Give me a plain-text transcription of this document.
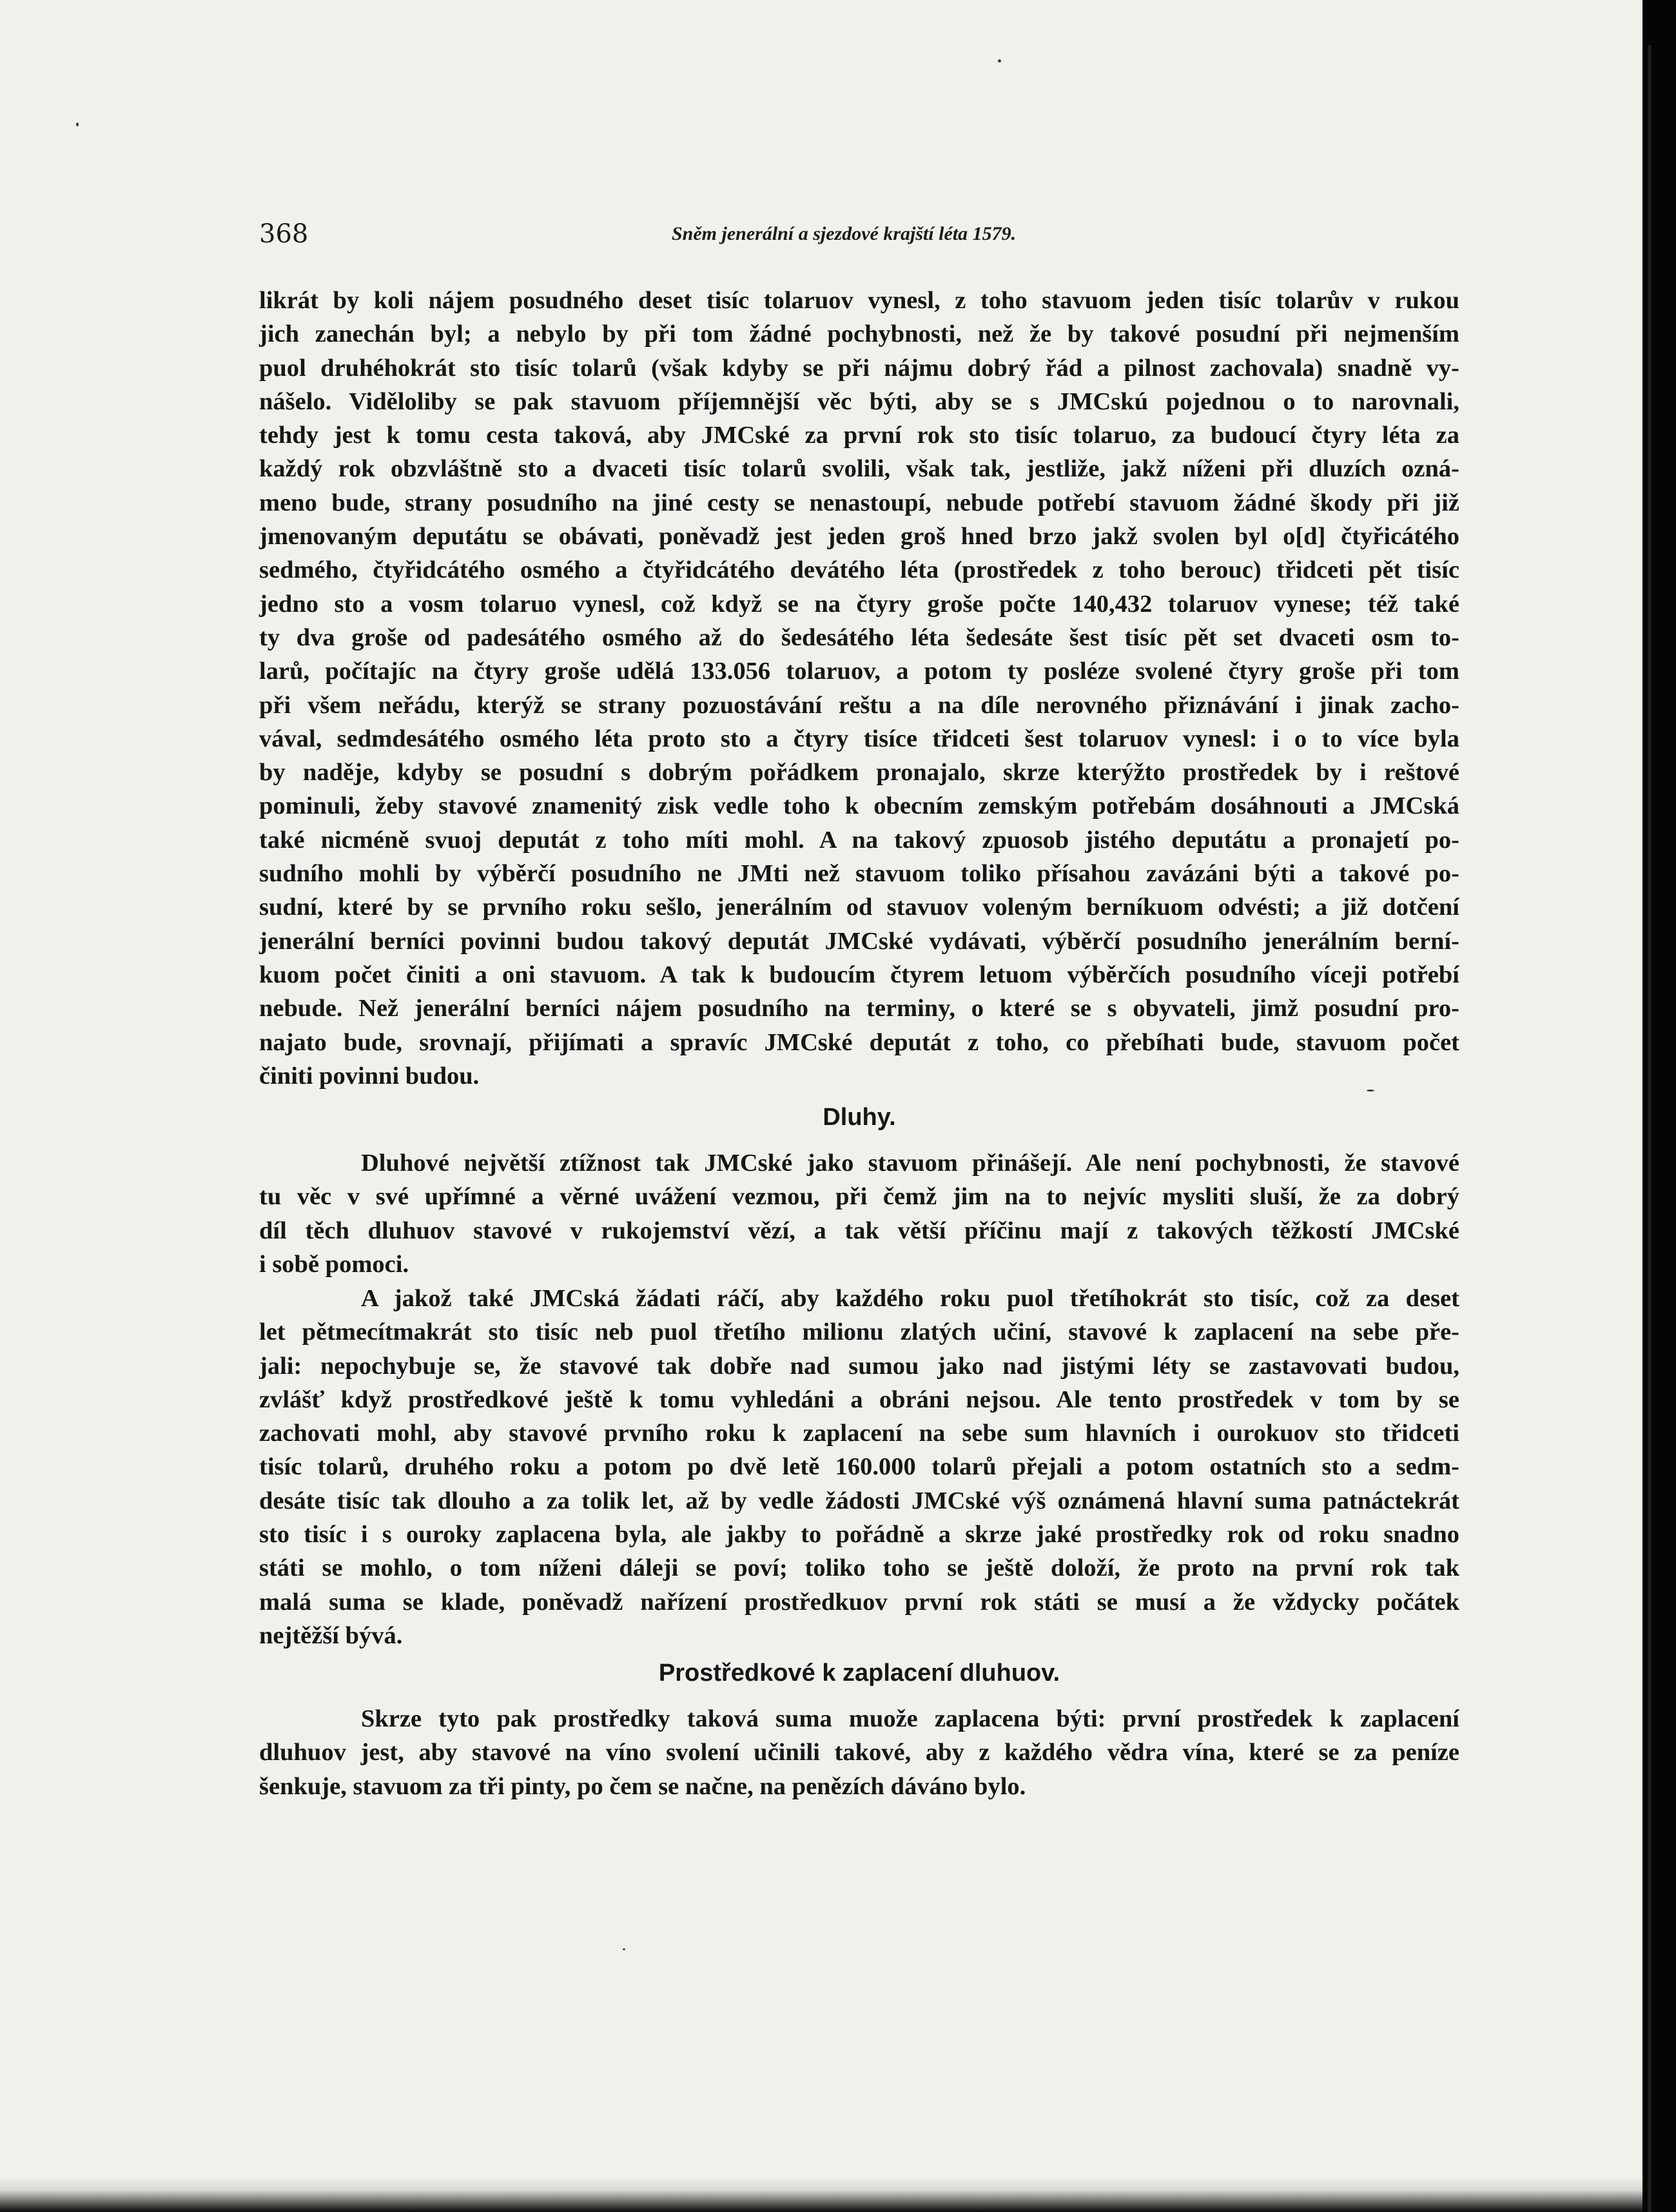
368	Sněm jenerální a sjezdové krajští léta 1579.
likrát by koli nájem posudného deset tisíc tolaruov vynesl, z toho stavuom jeden tisíc tolarův v rukou
jich zanechán byl; a nebylo by při tom žádné pochybnosti, než že by takové posudní při nejmenším
puol druhéhokrát sto tisíc tolarů (však kdyby se při nájmu dobrý řád a pilnost zachovala) snadně vy-
nášelo. Viděloliby se pak stavuom příjemnější věc býti, aby se s JMCskú pojednou o to narovnali,
tehdy jest k tomu cesta taková, aby JMCské za první rok sto tisíc tolaruo, za budoucí čtyry léta za
každý rok obzvláštně sto a dvaceti tisíc tolarů svolili, však tak, jestliže, jakž níženi při dluzích ozná-
meno bude, strany posudního na jiné cesty se nenastoupí, nebude potřebí stavuom žádné škody při již
jmenovaným deputátu se obávati, poněvadž jest jeden groš hned brzo jakž svolen byl o[d] čtyřicátého
sedmého, čtyřidcátého osmého a čtyřidcátého devátého léta (prostředek z toho berouc) třidceti pět tisíc
jedno sto a vosm tolaruo vynesl, což když se na čtyry groše počte 140,432 tolaruov vynese; též také
ty dva groše od padesátého osmého až do šedesátého léta šedesáte šest tisíc pět set dvaceti osm to-
larů, počítajíc na čtyry groše udělá 133.056 tolaruov, a potom ty posléze svolené čtyry groše při tom
při všem neřádu, kterýž se strany pozuostávání reštu a na díle nerovného přiznávání i jinak zacho-
vával, sedmdesátého osmého léta proto sto a čtyry tisíce třidceti šest tolaruov vynesl: i o to více byla
by naděje, kdyby se posudní s dobrým pořádkem pronajalo, skrze kterýžto prostředek by i reštové
pominuli, žeby stavové znamenitý zisk vedle toho k obecním zemským potřebám dosáhnouti a JMCská
také nicméně svuoj deputát z toho míti mohl. A na takový zpuosob jistého deputátu a pronajetí po-
sudního mohli by výběrčí posudního ne JMti než stavuom toliko přísahou zavázáni býti a takové po-
sudní, které by se prvního roku sešlo, jenerálním od stavuov voleným berníkuom odvésti; a již dotčení
jenerální berníci povinni budou takový deputát JMCské vydávati, výběrčí posudního jenerálním berní-
kuom počet činiti a oni stavuom. A tak k budoucím čtyrem letuom výběrčích posudního víceji potřebí
nebude. Než jenerální berníci nájem posudního na terminy, o které se s obyvateli, jimž posudní pro-
najato bude, srovnají, přijímati a spravíc JMCské deputát z toho, co přebíhati bude, stavuom počet
činiti povinni budou.
Dluhy.
Dluhové největší ztížnost tak JMCské jako stavuom přinášejí. Ale není pochybnosti, že stavové
tu věc v své upřímné a věrné uvážení vezmou, při čemž jim na to nejvíc mysliti sluší, že za dobrý
díl těch dluhuov stavové v rukojemství vězí, a tak větší příčinu mají z takových těžkostí JMCské
i sobě pomoci.
A jakož také JMCská žádati ráčí, aby každého roku puol třetíhokrát sto tisíc, což za deset
let pětmecítmakrát sto tisíc neb puol třetího milionu zlatých učiní, stavové k zaplacení na sebe pře-
jali: nepochybuje se, že stavové tak dobře nad sumou jako nad jistými léty se zastavovati budou,
zvlášť když prostředkové ještě k tomu vyhledáni a obráni nejsou. Ale tento prostředek v tom by se
zachovati mohl, aby stavové prvního roku k zaplacení na sebe sum hlavních i ourokuov sto třidceti
tisíc tolarů, druhého roku a potom po dvě letě 160.000 tolarů přejali a potom ostatních sto a sedm-
desáte tisíc tak dlouho a za tolik let, až by vedle žádosti JMCské výš oznámená hlavní suma patnáctekrát
sto tisíc i s ouroky zaplacena byla, ale jakby to pořádně a skrze jaké prostředky rok od roku snadno
státi se mohlo, o tom níženi dáleji se poví; toliko toho se ještě doloží, že proto na první rok tak
malá suma se klade, poněvadž nařízení prostředkuov první rok státi se musí a že vždycky počátek
nejtěžší bývá.
Prostředkové k zaplacení dluhuov.
Skrze tyto pak prostředky taková suma muože zaplacena býti: první prostředek k zaplacení
dluhuov jest, aby stavové na víno svolení učinili takové, aby z každého vědra vína, které se za peníze
šenkuje, stavuom za tři pinty, po čem se načne, na penězích dáváno bylo.
